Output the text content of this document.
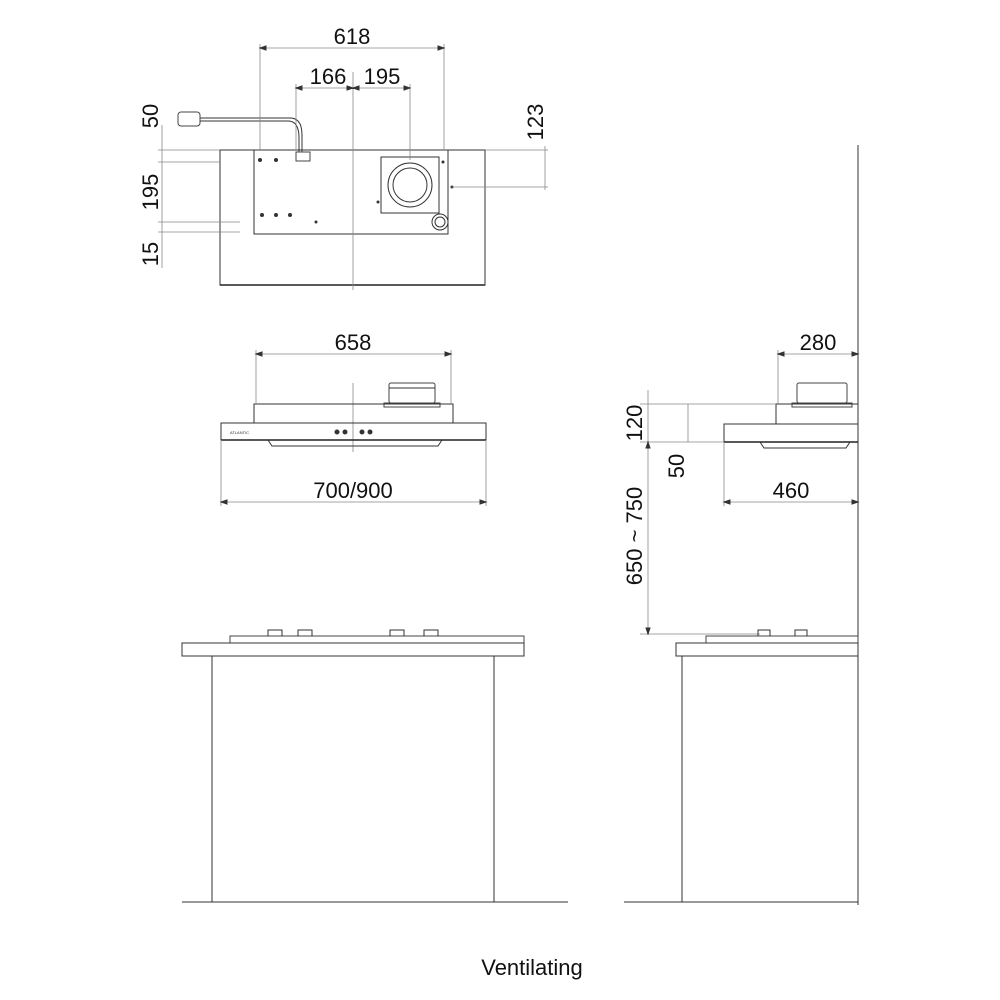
618
166 195
50
195
15
123
ATLANTIC
658
700/900
280
120
50
650 ~ 750	460
Ventilating
